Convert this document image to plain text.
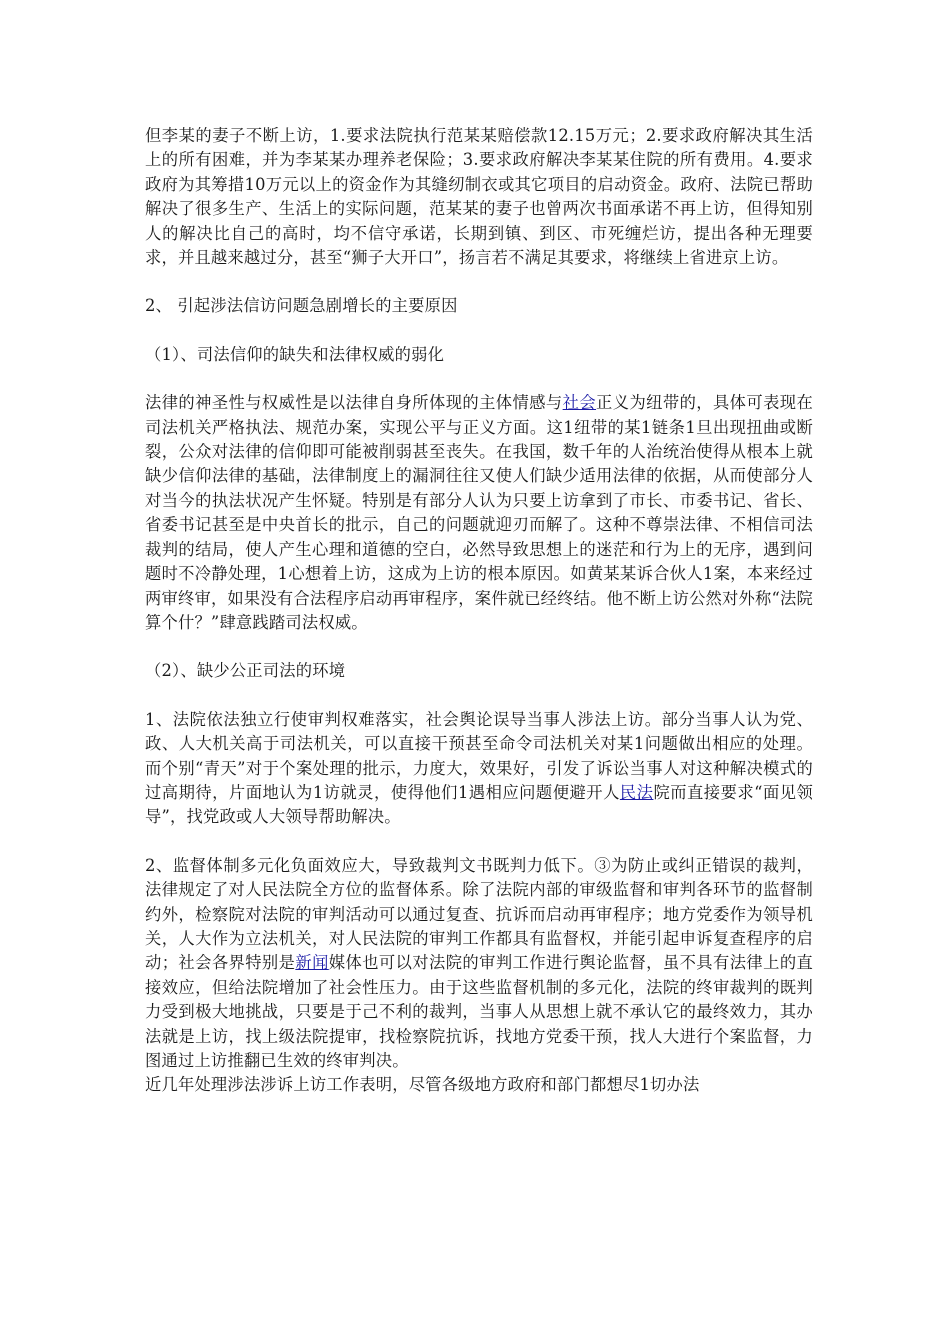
但李某的妻子不断上访，1.要求法院执行范某某赔偿款12.15万元；2.要求政府解决其生活上的所有困难，并为李某某办理养老保险；3.要求政府解决李某某住院的所有费用。4.要求政府为其筹措10万元以上的资金作为其缝纫制衣或其它项目的启动资金。政府、法院已帮助解决了很多生产、生活上的实际问题，范某某的妻子也曾两次书面承诺不再上访，但得知别人的解决比自己的高时，均不信守承诺，长期到镇、到区、市死缠烂访，提出各种无理要求，并且越来越过分，甚至“狮子大开口”，扬言若不满足其要求，将继续上省进京上访。

2、 引起涉法信访问题急剧增长的主要原因

（1）、司法信仰的缺失和法律权威的弱化

法律的神圣性与权威性是以法律自身所体现的主体情感与社会正义为纽带的，具体可表现在司法机关严格执法、规范办案，实现公平与正义方面。这1纽带的某1链条1旦出现扭曲或断裂，公众对法律的信仰即可能被削弱甚至丧失。在我国，数千年的人治统治使得从根本上就缺少信仰法律的基础，法律制度上的漏洞往往又使人们缺少适用法律的依据，从而使部分人对当今的执法状况产生怀疑。特别是有部分人认为只要上访拿到了市长、市委书记、省长、省委书记甚至是中央首长的批示，自己的问题就迎刃而解了。这种不尊崇法律、不相信司法裁判的结局，使人产生心理和道德的空白，必然导致思想上的迷茫和行为上的无序，遇到问题时不冷静处理，1心想着上访，这成为上访的根本原因。如黄某某诉合伙人1案，本来经过两审终审，如果没有合法程序启动再审程序，案件就已经终结。他不断上访公然对外称“法院算个什？”肆意践踏司法权威。

（2）、缺少公正司法的环境

1、法院依法独立行使审判权难落实，社会舆论误导当事人涉法上访。部分当事人认为党、政、人大机关高于司法机关，可以直接干预甚至命令司法机关对某1问题做出相应的处理。而个别“青天”对于个案处理的批示，力度大，效果好，引发了诉讼当事人对这种解决模式的过高期待，片面地认为1访就灵，使得他们1遇相应问题便避开人民法院而直接要求“面见领导”，找党政或人大领导帮助解决。

2、监督体制多元化负面效应大，导致裁判文书既判力低下。③为防止或纠正错误的裁判，法律规定了对人民法院全方位的监督体系。除了法院内部的审级监督和审判各环节的监督制约外，检察院对法院的审判活动可以通过复查、抗诉而启动再审程序；地方党委作为领导机关，人大作为立法机关，对人民法院的审判工作都具有监督权，并能引起申诉复查程序的启动；社会各界特别是新闻媒体也可以对法院的审判工作进行舆论监督，虽不具有法律上的直接效应，但给法院增加了社会性压力。由于这些监督机制的多元化，法院的终审裁判的既判力受到极大地挑战，只要是于己不利的裁判，当事人从思想上就不承认它的最终效力，其办法就是上访，找上级法院提审，找检察院抗诉，找地方党委干预，找人大进行个案监督，力图通过上访推翻已生效的终审判决。

近几年处理涉法涉诉上访工作表明，尽管各级地方政府和部门都想尽1切办法
